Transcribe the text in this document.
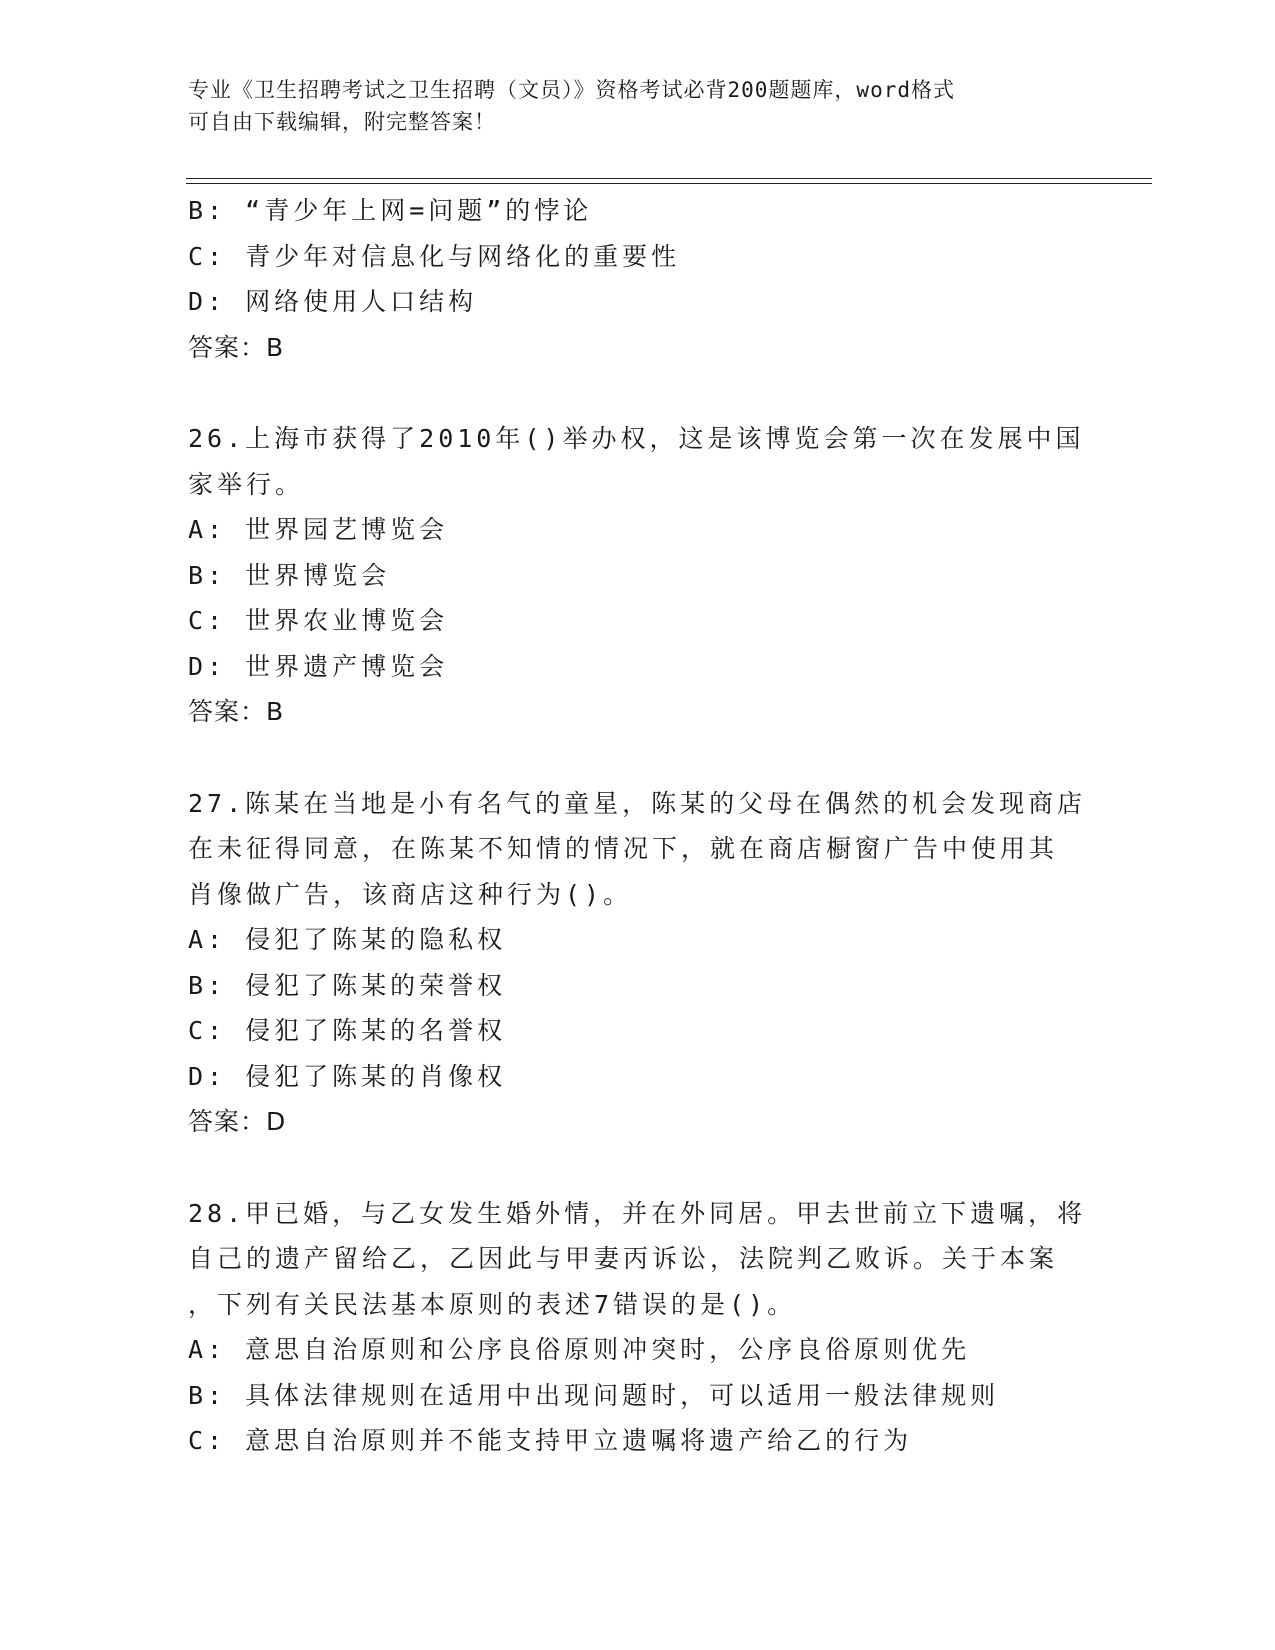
专业《卫生招聘考试之卫生招聘（文员）》资格考试必背200题题库，word格式
可自由下载编辑，附完整答案！
B: “青少年上网=问题”的悖论
C: 青少年对信息化与网络化的重要性
D: 网络使用人口结构
答案：B
26.上海市获得了2010年()举办权，这是该博览会第一次在发展中国
家举行。
A: 世界园艺博览会
B: 世界博览会
C: 世界农业博览会
D: 世界遗产博览会
答案：B
27.陈某在当地是小有名气的童星，陈某的父母在偶然的机会发现商店
在未征得同意，在陈某不知情的情况下，就在商店橱窗广告中使用其
肖像做广告，该商店这种行为()。
A: 侵犯了陈某的隐私权
B: 侵犯了陈某的荣誉权
C: 侵犯了陈某的名誉权
D: 侵犯了陈某的肖像权
答案：D
28.甲已婚，与乙女发生婚外情，并在外同居。甲去世前立下遗嘱，将
自己的遗产留给乙，乙因此与甲妻丙诉讼，法院判乙败诉。关于本案
，下列有关民法基本原则的表述7错误的是()。
A: 意思自治原则和公序良俗原则冲突时，公序良俗原则优先
B: 具体法律规则在适用中出现问题时，可以适用一般法律规则
C: 意思自治原则并不能支持甲立遗嘱将遗产给乙的行为
